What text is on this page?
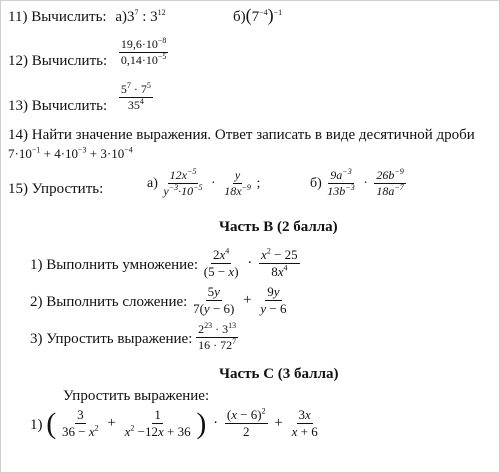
11) Вычислить: $а)3^7$ : $3^{12}$	$б)(7^{-4})^{-1}$
12) Вычислить: $\frac{19,6\cdot 10^{-8}}{0,14\cdot 10^{-5}}$
13) Вычислить: $\frac{5^7 \cdot 7^5}{35^4}$
14) Найти значение выражения. Ответ записать в виде десятичной дроби
$7\cdot 10^{-1} + 4\cdot 10^{-3} + 3\cdot 10^{-4}$
15) Упростить:	$а) \frac{12x^{-5}}{y^{-3}\cdot 10^{-5}} \cdot \frac{y}{18x^{-9}}$ ;	$б) \frac{9a^{-3}}{13b^{-3}} \cdot \frac{26b^{-9}}{18a^{-7}}$
Часть B (2 балла)
1) Выполнить умножение: $\frac{2x^4}{(5 - x)} \cdot \frac{x^2 - 25}{8x^4}$
2) Выполнить сложение: $\frac{5y}{7(y - 6)} + \frac{9y}{y - 6}$
3) Упростить выражение: $\frac{2^{23} \cdot 3^{13}}{16 \cdot 72^7}$
Часть C (3 балла)
Упростить выражение:
1) ( $\frac{3}{36 - x^2} + \frac{1}{x^2 -12x + 36}$ ) · $\frac{(x - 6)^2}{2} + \frac{3x}{x + 6}$
